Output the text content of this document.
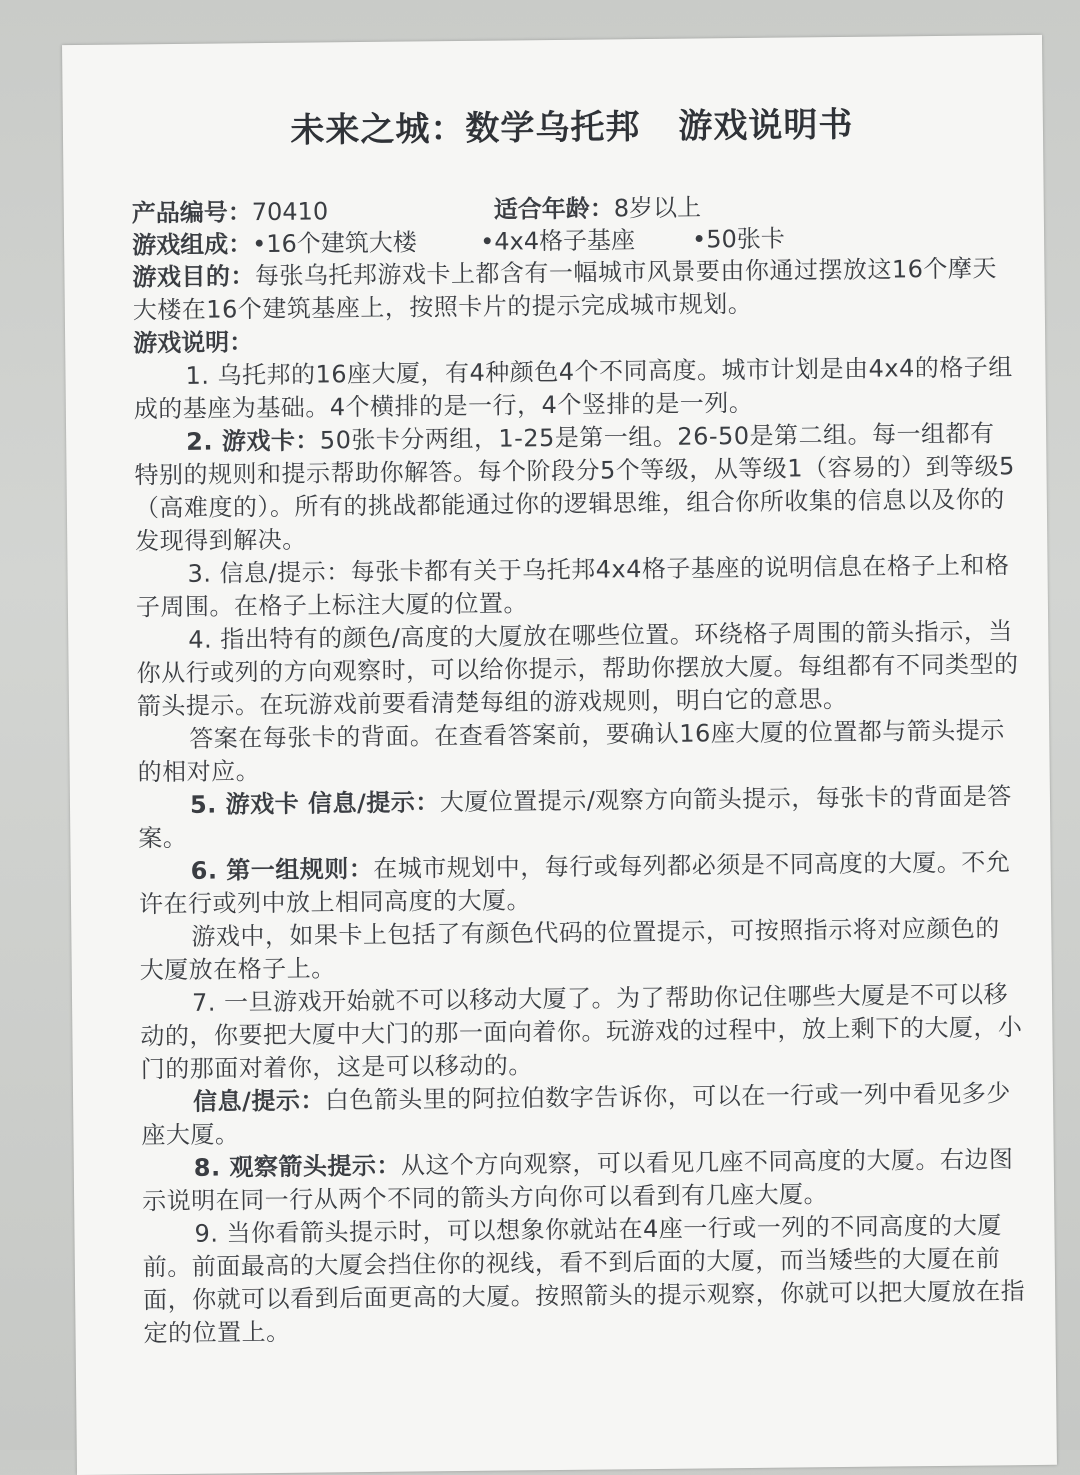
未来之城：数学乌托邦 游戏说明书
产品编号：70410	适合年龄：8岁以上
游戏组成： •16个建筑大楼	•4x4格子基座	•50张卡

游戏目的：每张乌托邦游戏卡上都含有一幅城市风景要由你通过摆放这16个摩天大楼在16个建筑基座上，按照卡片的提示完成城市规划。

游戏说明：

1. 乌托邦的16座大厦，有4种颜色4个不同高度。城市计划是由4x4的格子组成的基座为基础。4个横排的是一行，4个竖排的是一列。

2. 游戏卡：50张卡分两组，1-25是第一组。26-50是第二组。每一组都有特别的规则和提示帮助你解答。每个阶段分5个等级，从等级1（容易的）到等级5（高难度的）。所有的挑战都能通过你的逻辑思维，组合你所收集的信息以及你的发现得到解决。

3. 信息/提示：每张卡都有关于乌托邦4x4格子基座的说明信息在格子上和格子周围。在格子上标注大厦的位置。

4. 指出特有的颜色/高度的大厦放在哪些位置。环绕格子周围的箭头指示，当你从行或列的方向观察时，可以给你提示，帮助你摆放大厦。每组都有不同类型的箭头提示。在玩游戏前要看清楚每组的游戏规则，明白它的意思。

答案在每张卡的背面。在查看答案前，要确认16座大厦的位置都与箭头提示的相对应。

5. 游戏卡 信息/提示：大厦位置提示/观察方向箭头提示，每张卡的背面是答案。

6. 第一组规则：在城市规划中，每行或每列都必须是不同高度的大厦。不允许在行或列中放上相同高度的大厦。

游戏中，如果卡上包括了有颜色代码的位置提示，可按照指示将对应颜色的大厦放在格子上。

7. 一旦游戏开始就不可以移动大厦了。为了帮助你记住哪些大厦是不可以移动的，你要把大厦中大门的那一面向着你。玩游戏的过程中，放上剩下的大厦，小门的那面对着你，这是可以移动的。

信息/提示：白色箭头里的阿拉伯数字告诉你，可以在一行或一列中看见多少座大厦。

8. 观察箭头提示：从这个方向观察，可以看见几座不同高度的大厦。右边图示说明在同一行从两个不同的箭头方向你可以看到有几座大厦。

9. 当你看箭头提示时，可以想象你就站在4座一行或一列的不同高度的大厦前。前面最高的大厦会挡住你的视线，看不到后面的大厦，而当矮些的大厦在前面，你就可以看到后面更高的大厦。按照箭头的提示观察，你就可以把大厦放在指定的位置上。
